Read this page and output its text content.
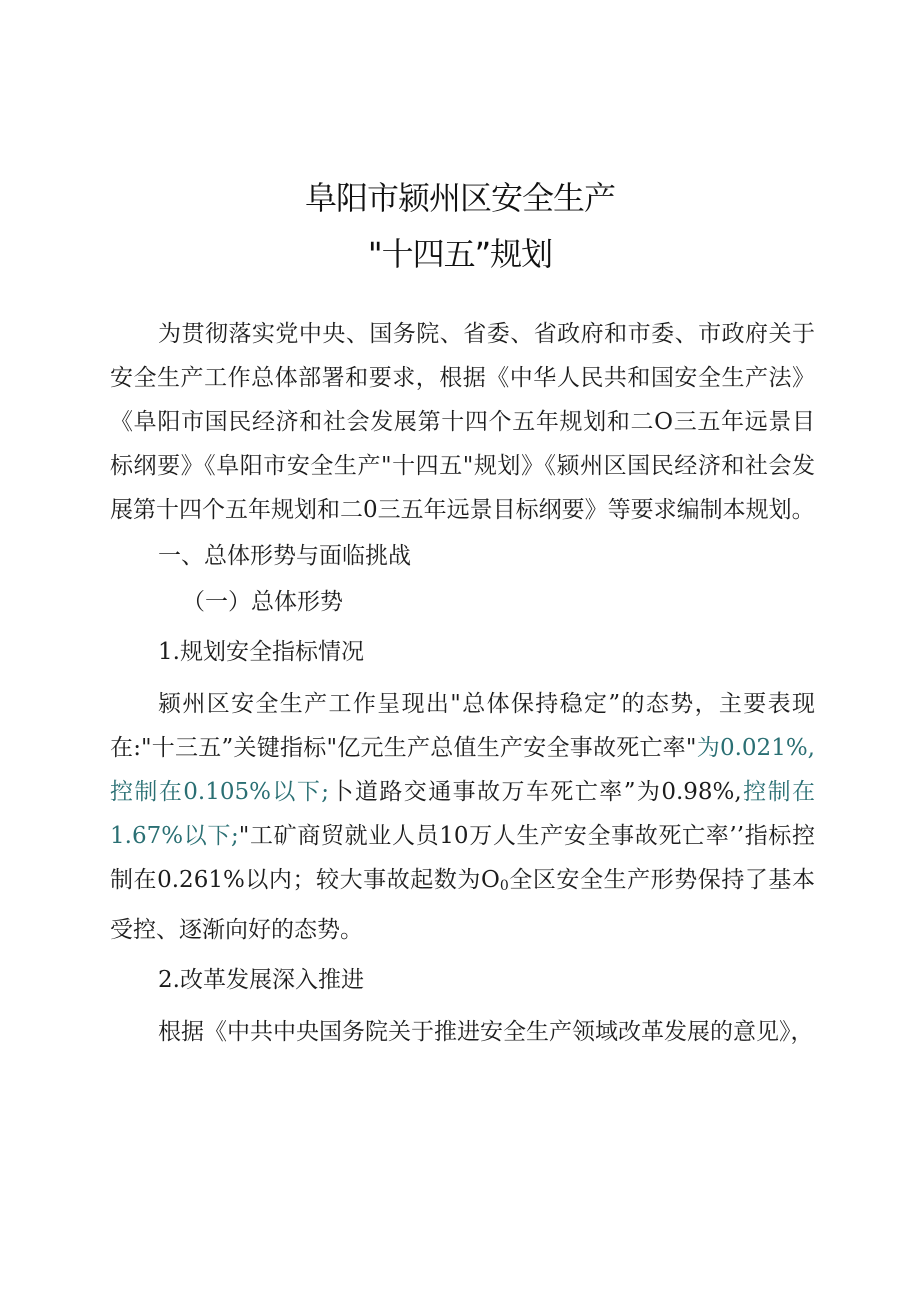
阜阳市颍州区安全生产
"十四五”规划

为贯彻落实党中央、国务院、省委、省政府和市委、市政府关于安全生产工作总体部署和要求，根据《中华人民共和国安全生产法》《阜阳市国民经济和社会发展第十四个五年规划和二O三五年远景目标纲要》《阜阳市安全生产"十四五"规划》《颍州区国民经济和社会发展第十四个五年规划和二0三五年远景目标纲要》等要求编制本规划。

一、总体形势与面临挑战

（一）总体形势

1.规划安全指标情况

颍州区安全生产工作呈现出"总体保持稳定”的态势，主要表现在:"十三五”关键指标"亿元生产总值生产安全事故死亡率"为0.021%,控制在0.105%以下;卜道路交通事故万车死亡率”为0.98%,控制在1.67%以下;"工矿商贸就业人员10万人生产安全事故死亡率’’指标控制在0.261%以内；较大事故起数为$O_0$全区安全生产形势保持了基本受控、逐渐向好的态势。

2.改革发展深入推进

根据《中共中央国务院关于推进安全生产领域改革发展的意见》，
